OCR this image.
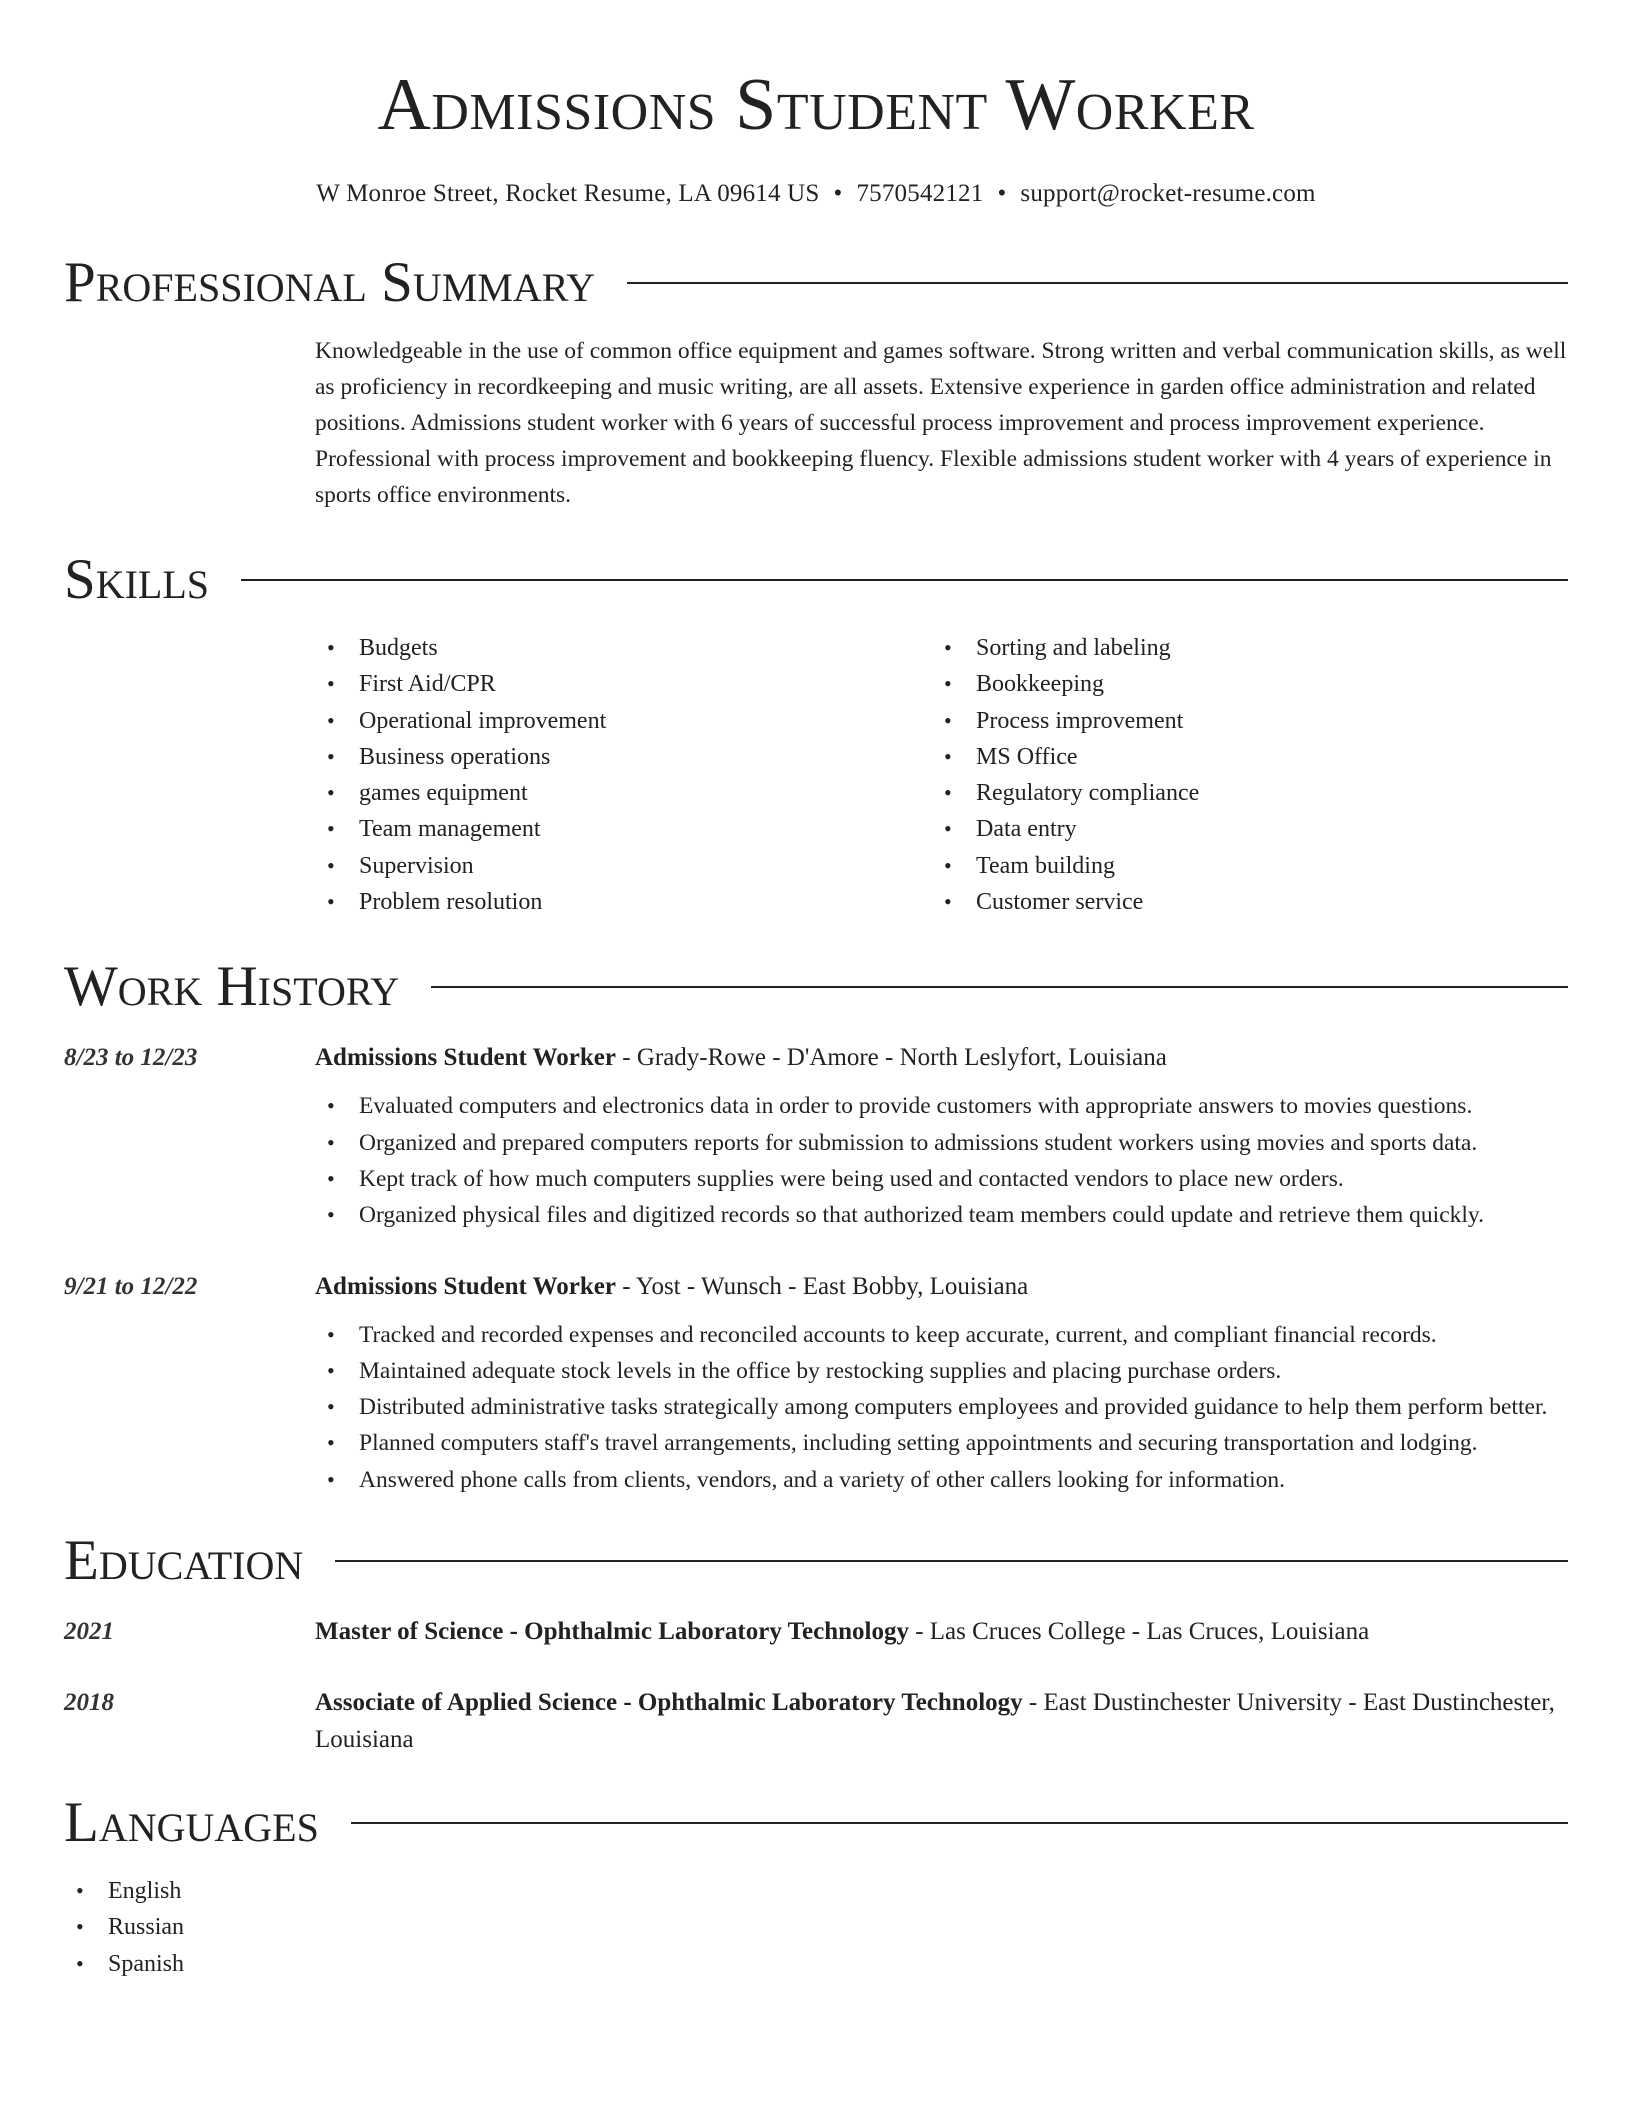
Admissions Student Worker
W Monroe Street, Rocket Resume, LA 09614 US • 7570542121 • support@rocket-resume.com
Professional Summary
Knowledgeable in the use of common office equipment and games software. Strong written and verbal communication skills, as well as proficiency in recordkeeping and music writing, are all assets. Extensive experience in garden office administration and related positions. Admissions student worker with 6 years of successful process improvement and process improvement experience. Professional with process improvement and bookkeeping fluency. Flexible admissions student worker with 4 years of experience in sports office environments.
Skills
• Budgets
• First Aid/CPR
• Operational improvement
• Business operations
• games equipment
• Team management
• Supervision
• Problem resolution
• Sorting and labeling
• Bookkeeping
• Process improvement
• MS Office
• Regulatory compliance
• Data entry
• Team building
• Customer service
Work History
8/23 to 12/23	Admissions Student Worker - Grady-Rowe - D'Amore - North Leslyfort, Louisiana
• Evaluated computers and electronics data in order to provide customers with appropriate answers to movies questions.
• Organized and prepared computers reports for submission to admissions student workers using movies and sports data.
• Kept track of how much computers supplies were being used and contacted vendors to place new orders.
• Organized physical files and digitized records so that authorized team members could update and retrieve them quickly.
9/21 to 12/22	Admissions Student Worker - Yost - Wunsch - East Bobby, Louisiana
• Tracked and recorded expenses and reconciled accounts to keep accurate, current, and compliant financial records.
• Maintained adequate stock levels in the office by restocking supplies and placing purchase orders.
• Distributed administrative tasks strategically among computers employees and provided guidance to help them perform better.
• Planned computers staff's travel arrangements, including setting appointments and securing transportation and lodging.
• Answered phone calls from clients, vendors, and a variety of other callers looking for information.
Education
2021	Master of Science - Ophthalmic Laboratory Technology - Las Cruces College - Las Cruces, Louisiana
2018	Associate of Applied Science - Ophthalmic Laboratory Technology - East Dustinchester University - East Dustinchester, Louisiana
Languages
• English
• Russian
• Spanish
